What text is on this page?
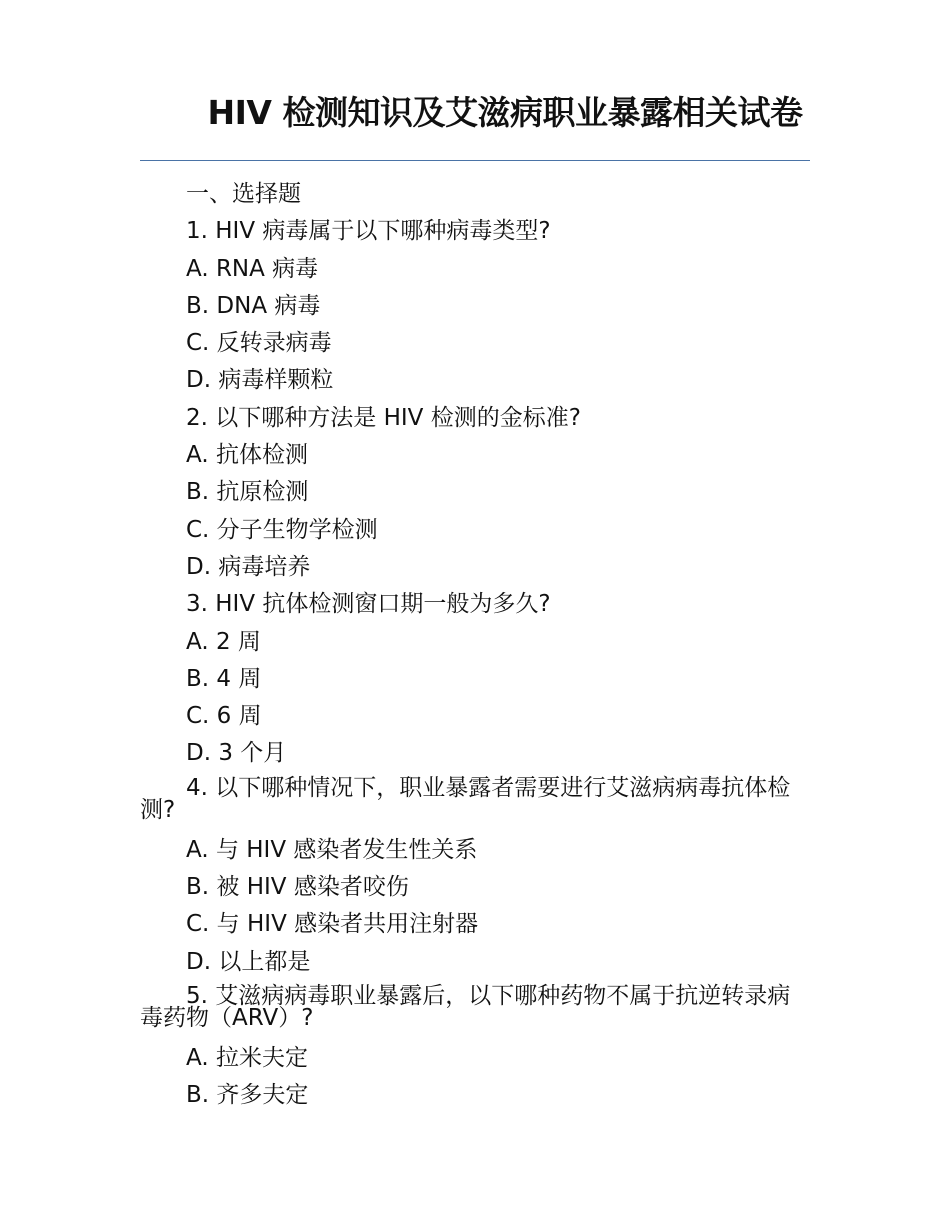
HIV 检测知识及艾滋病职业暴露相关试卷
一、选择题
1. HIV 病毒属于以下哪种病毒类型?
A. RNA 病毒
B. DNA 病毒
C. 反转录病毒
D. 病毒样颗粒
2. 以下哪种方法是 HIV 检测的金标准?
A. 抗体检测
B. 抗原检测
C. 分子生物学检测
D. 病毒培养
3. HIV 抗体检测窗口期一般为多久?
A. 2 周
B. 4 周
C. 6 周
D. 3 个月
4. 以下哪种情况下，职业暴露者需要进行艾滋病病毒抗体检测?
A. 与 HIV 感染者发生性关系
B. 被 HIV 感染者咬伤
C. 与 HIV 感染者共用注射器
D. 以上都是
5. 艾滋病病毒职业暴露后，以下哪种药物不属于抗逆转录病毒药物（ARV）?
A. 拉米夫定
B. 齐多夫定
